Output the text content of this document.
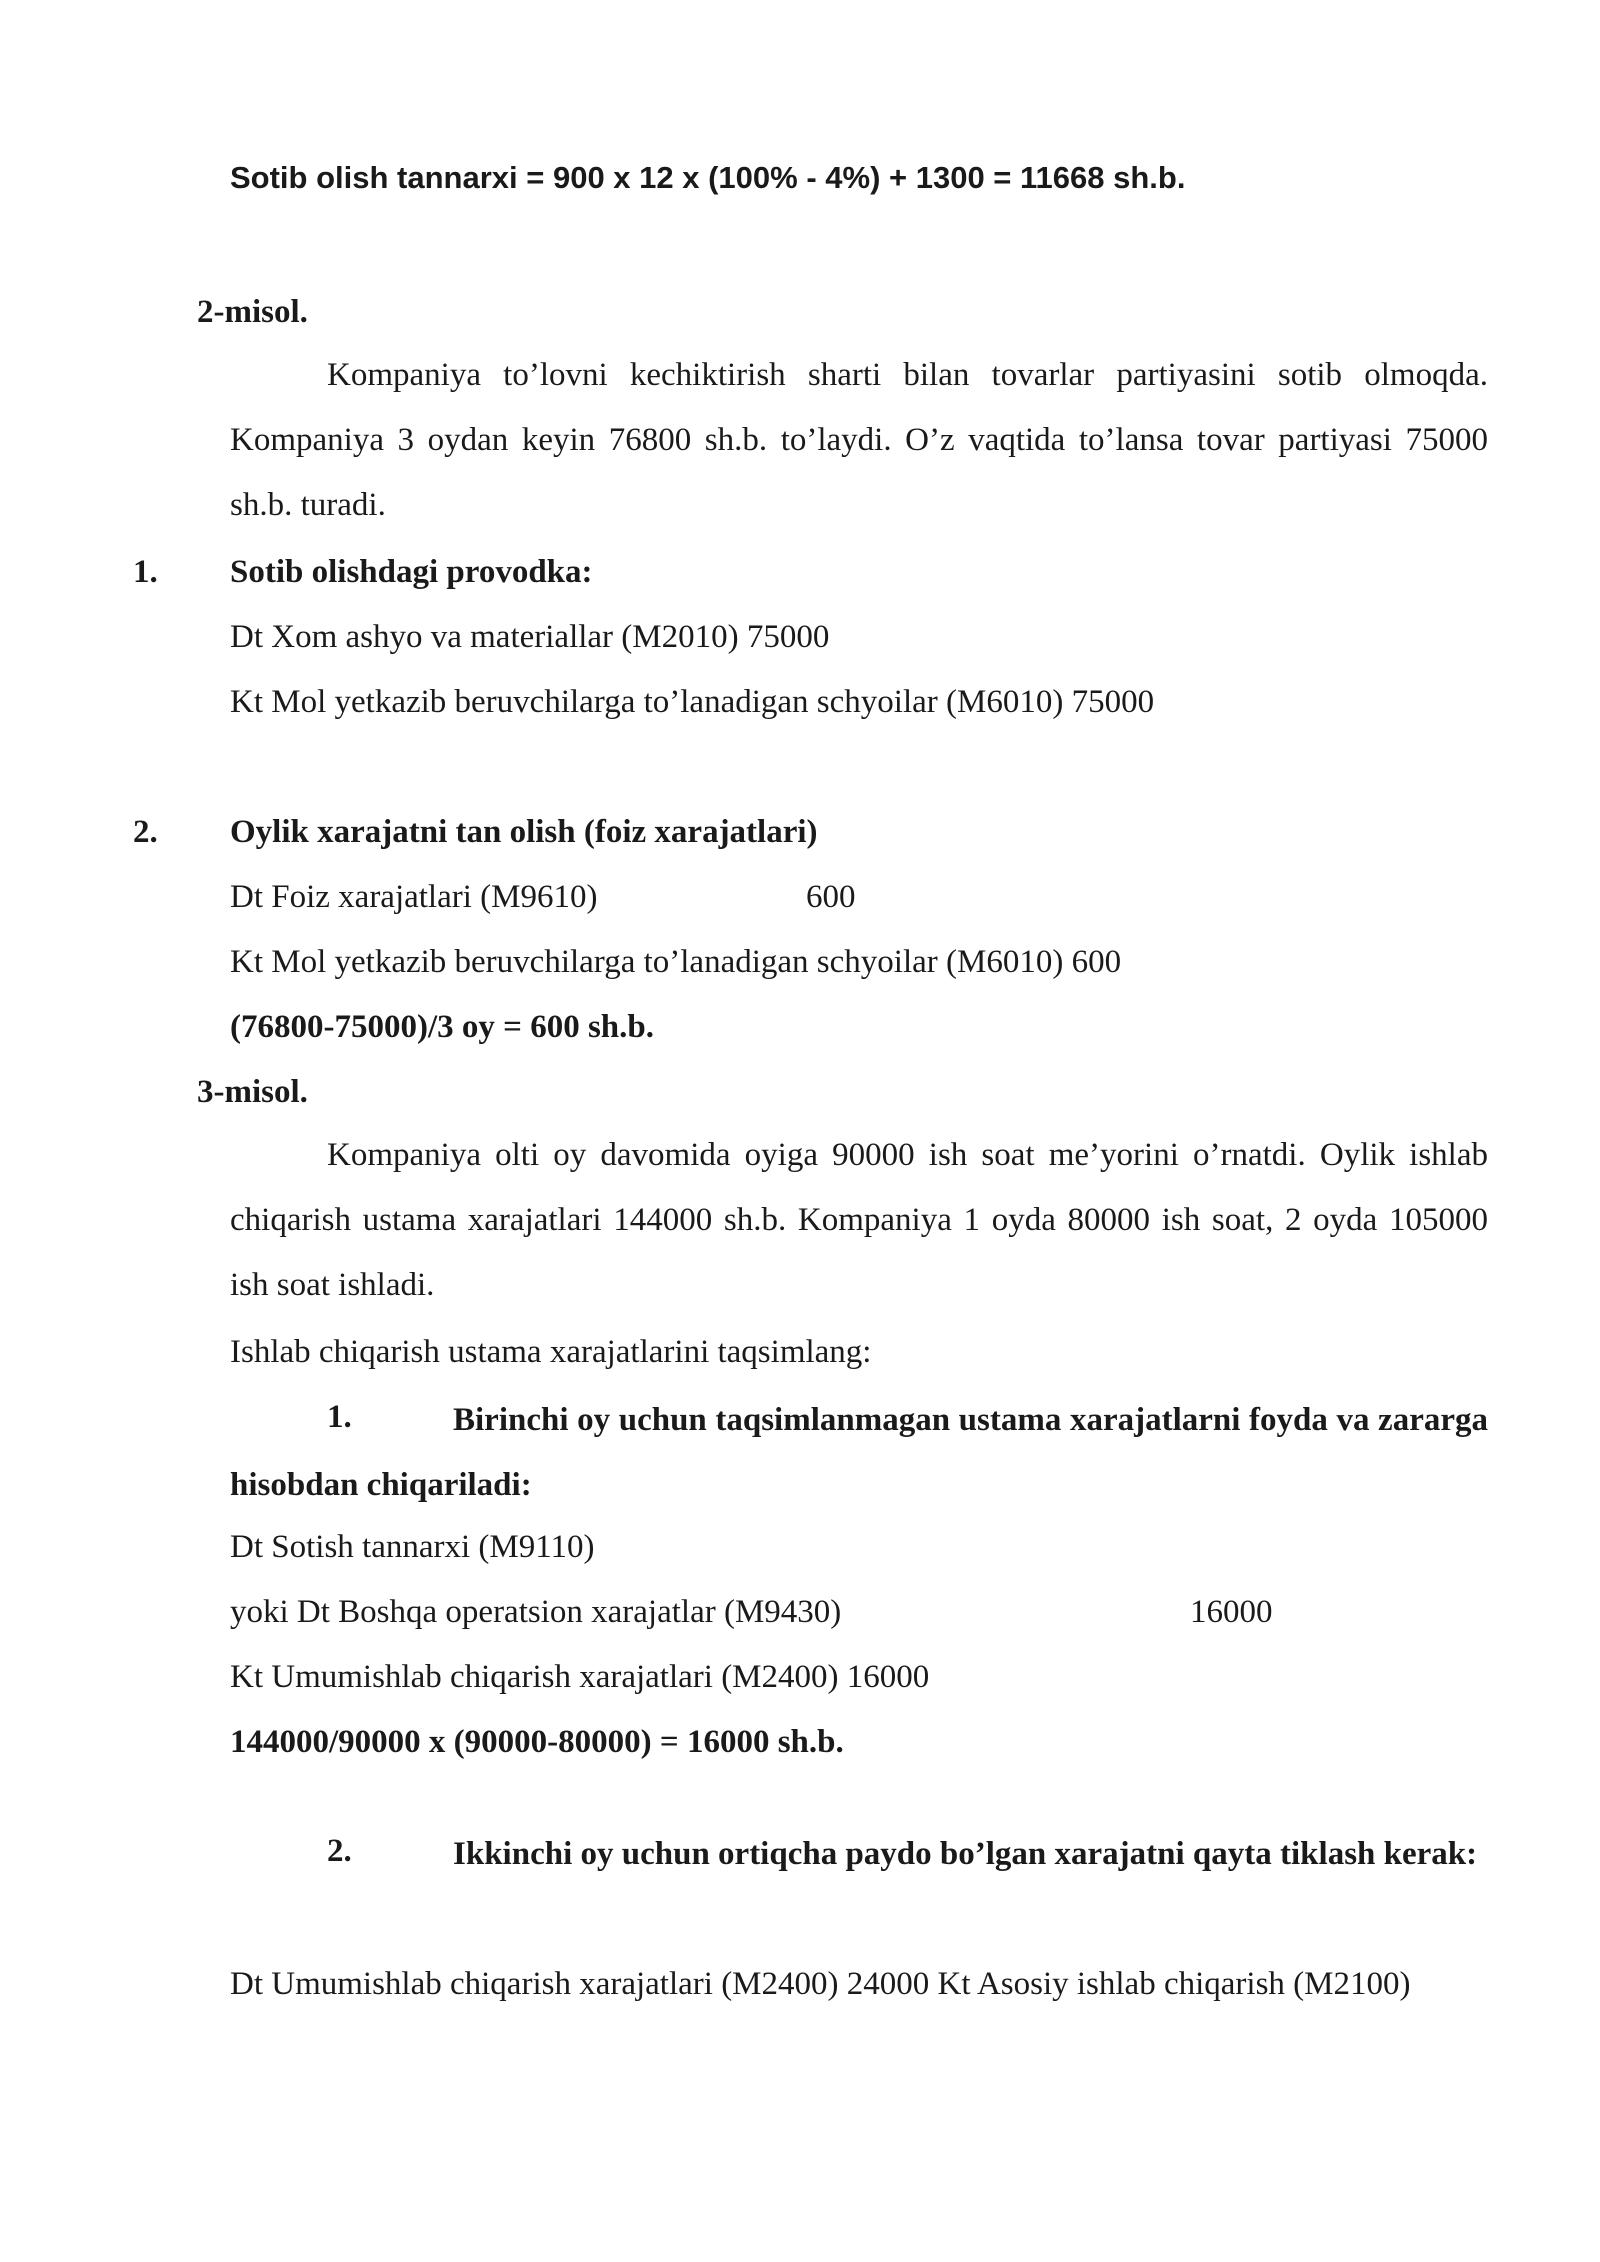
Sotib olish tannarxi = 900 x 12 x (100% - 4%) + 1300 = 11668 sh.b.
2-misol.
Kompaniya to’lovni kechiktirish sharti bilan tovarlar partiyasini sotib olmoqda. Kompaniya 3 oydan keyin 76800 sh.b. to’laydi. O’z vaqtida to’lansa tovar partiyasi 75000 sh.b. turadi.
1. Sotib olishdagi provodka:
Dt Xom ashyo va materiallar (M2010) 75000
Kt Mol yetkazib beruvchilarga to’lanadigan schyoilar (M6010) 75000
2. Oylik xarajatni tan olish (foiz xarajatlari)
Dt Foiz xarajatlari (M9610)	600
Kt Mol yetkazib beruvchilarga to’lanadigan schyoilar (M6010) 600
(76800-75000)/3 oy = 600 sh.b.
3-misol.
Kompaniya olti oy davomida oyiga 90000 ish soat me’yorini o’rnatdi. Oylik ishlab chiqarish ustama xarajatlari 144000 sh.b. Kompaniya 1 oyda 80000 ish soat, 2 oyda 105000 ish soat ishladi.
Ishlab chiqarish ustama xarajatlarini taqsimlang:
1.	Birinchi oy uchun taqsimlanmagan ustama xarajatlarni foyda va zararga hisobdan chiqariladi:
Dt Sotish tannarxi (M9110)
yoki Dt Boshqa operatsion xarajatlar (M9430)	16000
Kt Umumishlab chiqarish xarajatlari (M2400) 16000
144000/90000 x (90000-80000) = 16000 sh.b.
2.	Ikkinchi oy uchun ortiqcha paydo bo’lgan xarajatni qayta tiklash kerak:
Dt Umumishlab chiqarish xarajatlari (M2400) 24000 Kt Asosiy ishlab chiqarish (M2100)
